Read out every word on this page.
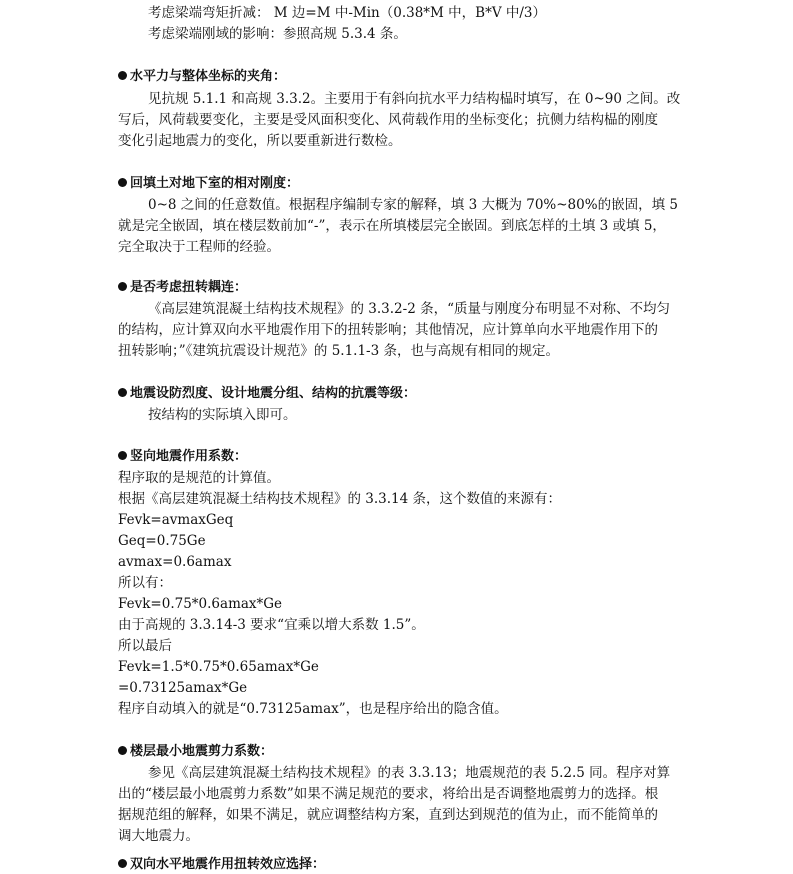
考虑梁端弯矩折减： M 边=M 中-Min（0.38*M 中，B*V 中/3）
考虑梁端刚域的影响：参照高规 5.3.4 条。
水平力与整体坐标的夹角：
见抗规 5.1.1 和高规 3.3.2。主要用于有斜向抗水平力结构榀时填写，在 0~90 之间。改
写后，风荷载要变化，主要是受风面积变化、风荷载作用的坐标变化；抗侧力结构榀的刚度
变化引起地震力的变化，所以要重新进行数检。
回填土对地下室的相对刚度：
0~8 之间的任意数值。根据程序编制专家的解释，填 3 大概为 70%~80%的嵌固，填 5
就是完全嵌固，填在楼层数前加“-”，表示在所填楼层完全嵌固。到底怎样的土填 3 或填 5，
完全取决于工程师的经验。
是否考虑扭转耦连：
《高层建筑混凝土结构技术规程》的 3.3.2-2 条，“质量与刚度分布明显不对称、不均匀
的结构，应计算双向水平地震作用下的扭转影响；其他情况，应计算单向水平地震作用下的
扭转影响；”《建筑抗震设计规范》的 5.1.1-3 条，也与高规有相同的规定。
地震设防烈度、设计地震分组、结构的抗震等级：
按结构的实际填入即可。
竖向地震作用系数：
程序取的是规范的计算值。
根据《高层建筑混凝土结构技术规程》的 3.3.14 条，这个数值的来源有：
Fevk=avmaxGeq
Geq=0.75Ge
avmax=0.6amax
所以有：
Fevk=0.75*0.6amax*Ge
由于高规的 3.3.14-3 要求“宜乘以增大系数 1.5”。
所以最后
Fevk=1.5*0.75*0.65amax*Ge
=0.73125amax*Ge
程序自动填入的就是“0.73125amax”，也是程序给出的隐含值。
楼层最小地震剪力系数：
参见《高层建筑混凝土结构技术规程》的表 3.3.13；地震规范的表 5.2.5 同。程序对算
出的“楼层最小地震剪力系数”如果不满足规范的要求，将给出是否调整地震剪力的选择。根
据规范组的解释，如果不满足，就应调整结构方案，直到达到规范的值为止，而不能简单的
调大地震力。
双向水平地震作用扭转效应选择：
